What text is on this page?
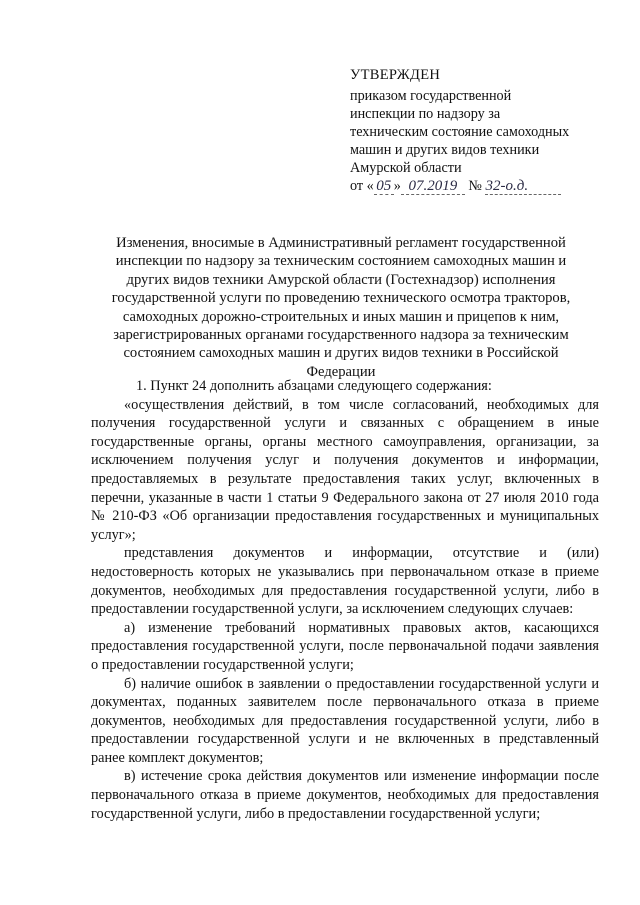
УТВЕРЖДЕН
приказом государственной
инспекции по надзору за
техническим состояние самоходных
машин и других видов техники
Амурской области
от « 05 » 07.2019 № 32-о.д.
Изменения, вносимые в Административный регламент государственной инспекции по надзору за техническим состоянием самоходных машин и других видов техники Амурской области (Гостехнадзор) исполнения государственной услуги по проведению технического осмотра тракторов, самоходных дорожно-строительных и иных машин и прицепов к ним, зарегистрированных органами государственного надзора за техническим состоянием самоходных машин и других видов техники в Российской Федерации

1. Пункт 24 дополнить абзацами следующего содержания:

«осуществления действий, в том числе согласований, необходимых для получения государственной услуги и связанных с обращением в иные государственные органы, органы местного самоуправления, организации, за исключением получения услуг и получения документов и информации, предоставляемых в результате предоставления таких услуг, включенных в перечни, указанные в части 1 статьи 9 Федерального закона от 27 июля 2010 года № 210-ФЗ «Об организации предоставления государственных и муниципальных услуг»;

представления документов и информации, отсутствие и (или) недостоверность которых не указывались при первоначальном отказе в приеме документов, необходимых для предоставления государственной услуги, либо в предоставлении государственной услуги, за исключением следующих случаев:

а) изменение требований нормативных правовых актов, касающихся предоставления государственной услуги, после первоначальной подачи заявления о предоставлении государственной услуги;

б) наличие ошибок в заявлении о предоставлении государственной услуги и документах, поданных заявителем после первоначального отказа в приеме документов, необходимых для предоставления государственной услуги, либо в предоставлении государственной услуги и не включенных в представленный ранее комплект документов;

в) истечение срока действия документов или изменение информации после первоначального отказа в приеме документов, необходимых для предоставления государственной услуги, либо в предоставлении государственной услуги;
